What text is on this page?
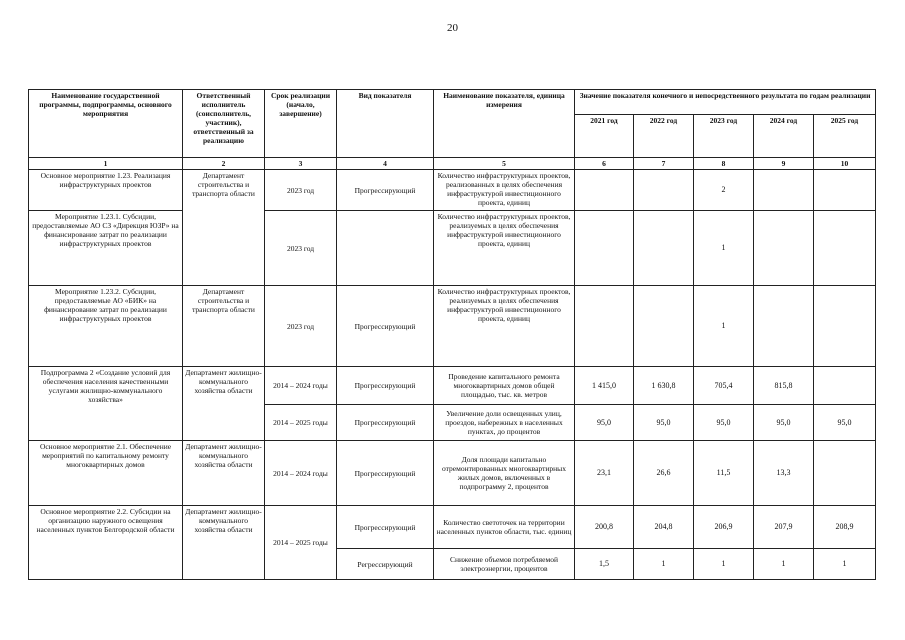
20
Наименование государственной программы, подпрограммы, основного мероприятия	Ответственный исполнитель (соисполнитель, участник), ответственный за реализацию	Срок реализации (начало, завершение)	Вид показателя	Наименование показателя, единица измерения	Значение показателя конечного и непосредственного результата по годам реализации				
					2021 год	2022 год	2023 год	2024 год	2025 год
1	2	3	4	5	6	7	8	9	10
Основное мероприятие 1.23. Реализация инфраструктурных проектов	Департамент строительства и транспорта области	2023 год	Прогрессирующий	Количество инфраструктурных проектов, реализованных в целях обеспечения инфраструктурой инвестиционного проекта, единиц			2		
Мероприятие 1.23.1. Субсидии, предоставляемые АО СЗ «Дирекция ЮЗР» на финансирование затрат по реализации инфраструктурных проектов		2023 год		Количество инфраструктурных проектов, реализуемых в целях обеспечения инфраструктурой инвестиционного проекта, единиц			1		
Мероприятие 1.23.2. Субсидии, предоставляемые АО «БИК» на финансирование затрат по реализации инфраструктурных проектов	Департамент строительства и транспорта области	2023 год	Прогрессирующий	Количество инфраструктурных проектов, реализуемых в целях обеспечения инфраструктурой инвестиционного проекта, единиц			1		
Подпрограмма 2 «Создание условий для обеспечения населения качественными услугами жилищно-коммунального хозяйства»	Департамент жилищно-коммунального хозяйства области	2014 – 2024 годы	Прогрессирующий	Проведение капитального ремонта многоквартирных домов общей площадью, тыс. кв. метров	1 415,0	1 630,8	705,4	815,8	
		2014 – 2025 годы	Прогрессирующий	Увеличение доли освещенных улиц, проездов, набережных в населенных пунктах, до процентов	95,0	95,0	95,0	95,0	95,0
Основное мероприятие 2.1. Обеспечение мероприятий по капитальному ремонту многоквартирных домов	Департамент жилищно-коммунального хозяйства области	2014 – 2024 годы	Прогрессирующий	Доля площади капитально отремонтированных многоквартирных жилых домов, включенных в подпрограмму 2, процентов	23,1	26,6	11,5	13,3	
Основное мероприятие 2.2. Субсидии на организацию наружного освещения населенных пунктов Белгородской области	Департамент жилищно-коммунального хозяйства области	2014 – 2025 годы	Прогрессирующий	Количество светоточек на территории населенных пунктов области, тыс. единиц	200,8	204,8	206,9	207,9	208,9
			Регрессирующий	Снижение объемов потребляемой электроэнергии, процентов	1,5	1	1	1	1
